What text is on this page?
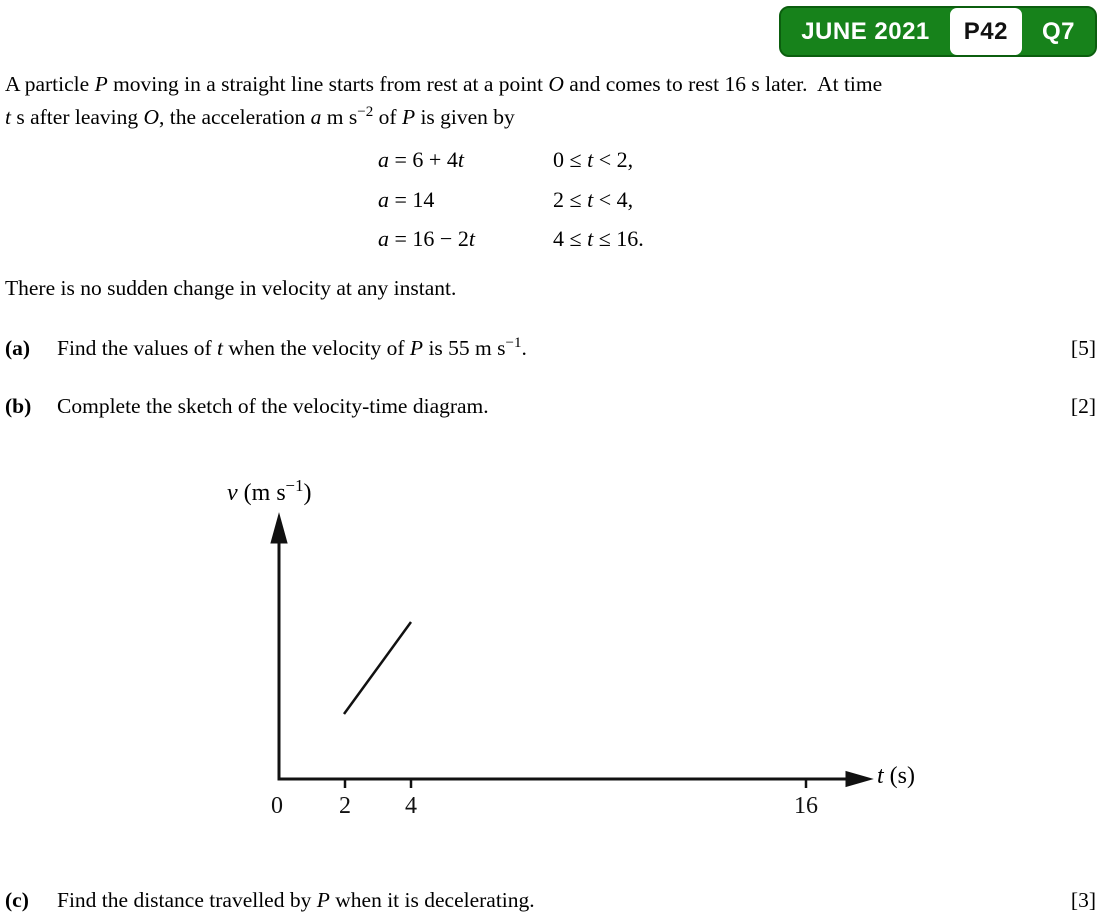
JUNE 2021	P42	Q7
A particle P moving in a straight line starts from rest at a point O and comes to rest 16 s later.  At time
t s after leaving O, the acceleration a m $s^{-2}$ of P is given by
a = 6 + 4t	0 ≤ t < 2,
a = 14	2 ≤ t < 4,
a = 16 − 2t	4 ≤ t ≤ 16.
There is no sudden change in velocity at any instant.
(a)	Find the values of t when the velocity of P is 55 m $s^{-1}$.	[5]
(b)	Complete the sketch of the velocity-time diagram.	[2]
v (m $s^{-1}$)
t (s)
0 2 4	16
(c)	Find the distance travelled by P when it is decelerating.	[3]
